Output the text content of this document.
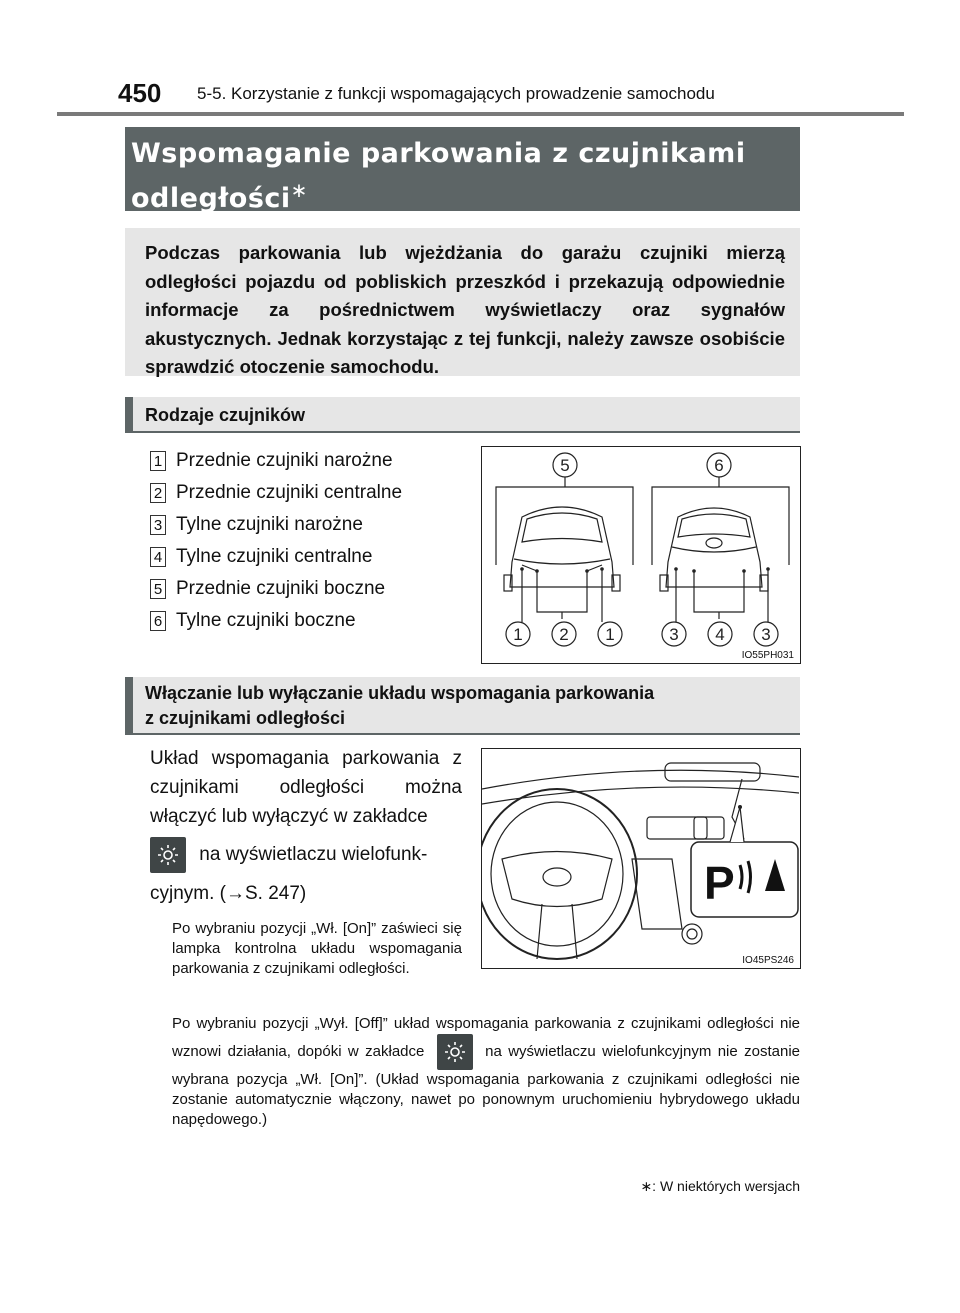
450 5-5. Korzystanie z funkcji wspomagających prowadzenie samochodu
Wspomaganie parkowania z czujnikami
odległości∗
Podczas parkowania lub wjeżdżania do garażu czujniki mierzą odległości pojazdu od pobliskich przeszkód i przekazują odpowiednie informacje za pośrednictwem wyświetlaczy oraz sygnałów akustycznych. Jednak korzystając z tej funkcji, należy zawsze osobiście sprawdzić otoczenie samochodu.
Rodzaje czujników
1 Przednie czujniki narożne
2 Przednie czujniki centralne
3 Tylne czujniki narożne
4 Tylne czujniki centralne
5 Przednie czujniki boczne
6 Tylne czujniki boczne
5	6
1 2 1	3 4 3
IO55PH031
Włączanie lub wyłączanie układu wspomagania parkowania
z czujnikami odległości
Układ wspomagania parkowania z czujnikami odległości można włączyć lub wyłączyć w zakładce
na wyświetlaczu wielofunk-
cyjnym. (→S. 247)
Po wybraniu pozycji „Wł. [On]” zaświeci się lampka kontrolna układu wspomagania parkowania z czujnikami odległości.
Po wybraniu pozycji „Wył. [Off]” układ wspomagania parkowania z czujnikami odległości nie wznowi działania, dopóki w zakładce	na wyświetlaczu wielofunkcyjnym nie zostanie wybrana pozycja „Wł. [On]”. (Układ wspomagania parkowania z czujnikami odległości nie zostanie automatycznie włączony, nawet po ponownym uruchomieniu hybrydowego układu napędowego.)
P
IO45PS246
∗: W niektórych wersjach
